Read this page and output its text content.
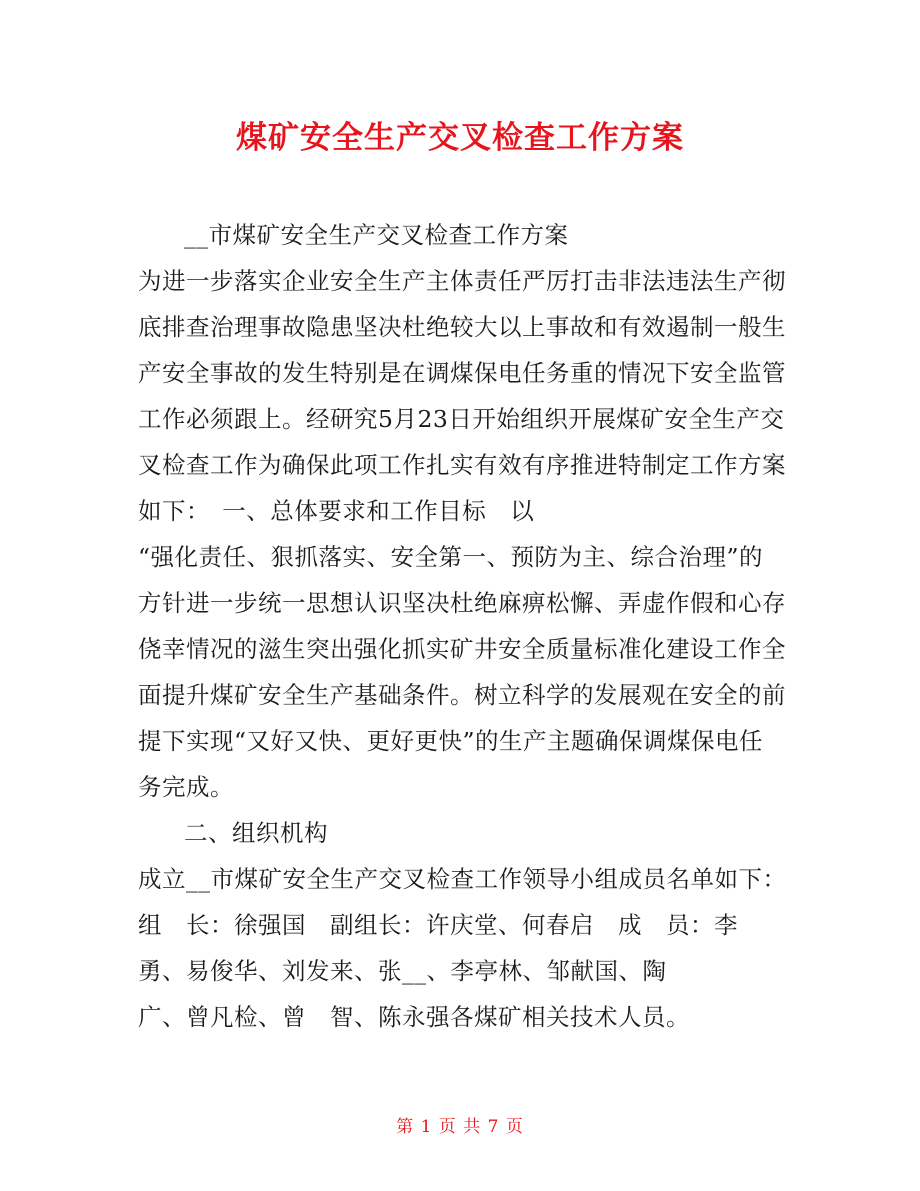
煤矿安全生产交叉检查工作方案
__市煤矿安全生产交叉检查工作方案
为进一步落实企业安全生产主体责任严厉打击非法违法生产彻
底排查治理事故隐患坚决杜绝较大以上事故和有效遏制一般生
产安全事故的发生特别是在调煤保电任务重的情况下安全监管
工作必须跟上。经研究5月23日开始组织开展煤矿安全生产交
叉检查工作为确保此项工作扎实有效有序推进特制定工作方案
如下：　一、总体要求和工作目标　以
“强化责任、狠抓落实、安全第一、预防为主、综合治理”的
方针进一步统一思想认识坚决杜绝麻痹松懈、弄虚作假和心存
侥幸情况的滋生突出强化抓实矿井安全质量标准化建设工作全
面提升煤矿安全生产基础条件。树立科学的发展观在安全的前
提下实现“又好又快、更好更快”的生产主题确保调煤保电任
务完成。
二、组织机构
成立__市煤矿安全生产交叉检查工作领导小组成员名单如下：
组　长：徐强国　副组长：许庆堂、何春启　成　员：李
勇、易俊华、刘发来、张__、李亭林、邹献国、陶
广、曾凡检、曾　智、陈永强各煤矿相关技术人员。
第 1 页 共 7 页
